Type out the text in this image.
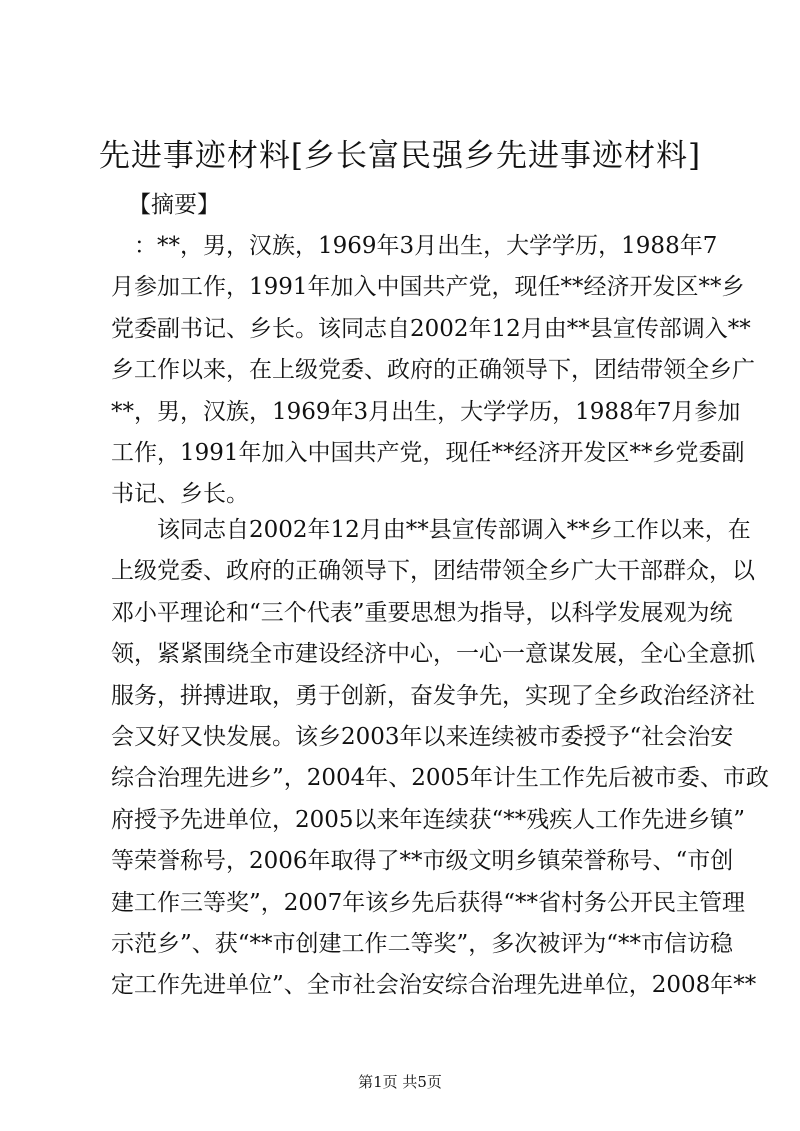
先进事迹材料[乡长富民强乡先进事迹材料]
【摘要】
　：**，男，汉族，1969年3月出生，大学学历，1988年7
月参加工作，1991年加入中国共产党，现任**经济开发区**乡
党委副书记、乡长。该同志自2002年12月由**县宣传部调入**
乡工作以来，在上级党委、政府的正确领导下，团结带领全乡广
**，男，汉族，1969年3月出生，大学学历，1988年7月参加
工作，1991年加入中国共产党，现任**经济开发区**乡党委副
书记、乡长。
　　该同志自2002年12月由**县宣传部调入**乡工作以来，在
上级党委、政府的正确领导下，团结带领全乡广大干部群众，以
邓小平理论和“三个代表”重要思想为指导，以科学发展观为统
领，紧紧围绕全市建设经济中心，一心一意谋发展，全心全意抓
服务，拼搏进取，勇于创新，奋发争先，实现了全乡政治经济社
会又好又快发展。该乡2003年以来连续被市委授予“社会治安
综合治理先进乡”，2004年、2005年计生工作先后被市委、市政
府授予先进单位，2005以来年连续获“**残疾人工作先进乡镇”
等荣誉称号，2006年取得了**市级文明乡镇荣誉称号、“市创
建工作三等奖”，2007年该乡先后获得“**省村务公开民主管理
示范乡”、获“**市创建工作二等奖”，多次被评为“**市信访稳
定工作先进单位”、全市社会治安综合治理先进单位，2008年**
第1页 共5页
